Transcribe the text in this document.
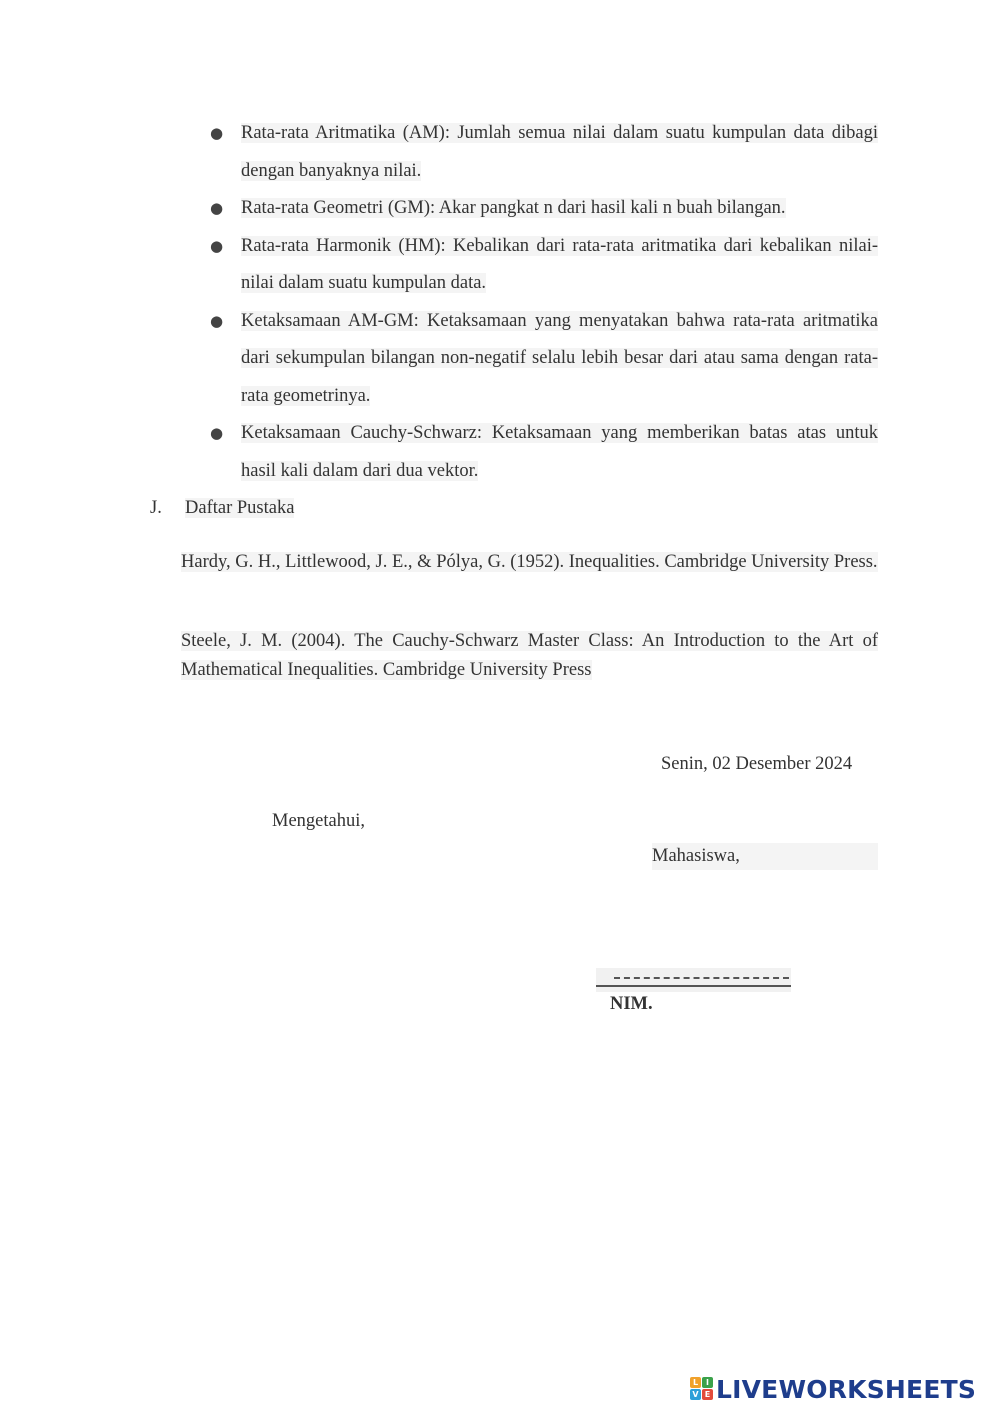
● Rata-rata Aritmatika (AM): Jumlah semua nilai dalam suatu kumpulan data dibagi dengan banyaknya nilai.
● Rata-rata Geometri (GM): Akar pangkat n dari hasil kali n buah bilangan.
● Rata-rata Harmonik (HM): Kebalikan dari rata-rata aritmatika dari kebalikan nilai-nilai dalam suatu kumpulan data.
● Ketaksamaan AM-GM: Ketaksamaan yang menyatakan bahwa rata-rata aritmatika dari sekumpulan bilangan non-negatif selalu lebih besar dari atau sama dengan rata-rata geometrinya.
● Ketaksamaan Cauchy-Schwarz: Ketaksamaan yang memberikan batas atas untuk hasil kali dalam dari dua vektor.
J. Daftar Pustaka
Hardy, G. H., Littlewood, J. E., & Pólya, G. (1952). Inequalities. Cambridge University Press.
Steele, J. M. (2004). The Cauchy-Schwarz Master Class: An Introduction to the Art of Mathematical Inequalities. Cambridge University Press
Senin, 02 Desember 2024
Mengetahui,
Mahasiswa,
NIM.
L I
V E LIVEWORKSHEETS
